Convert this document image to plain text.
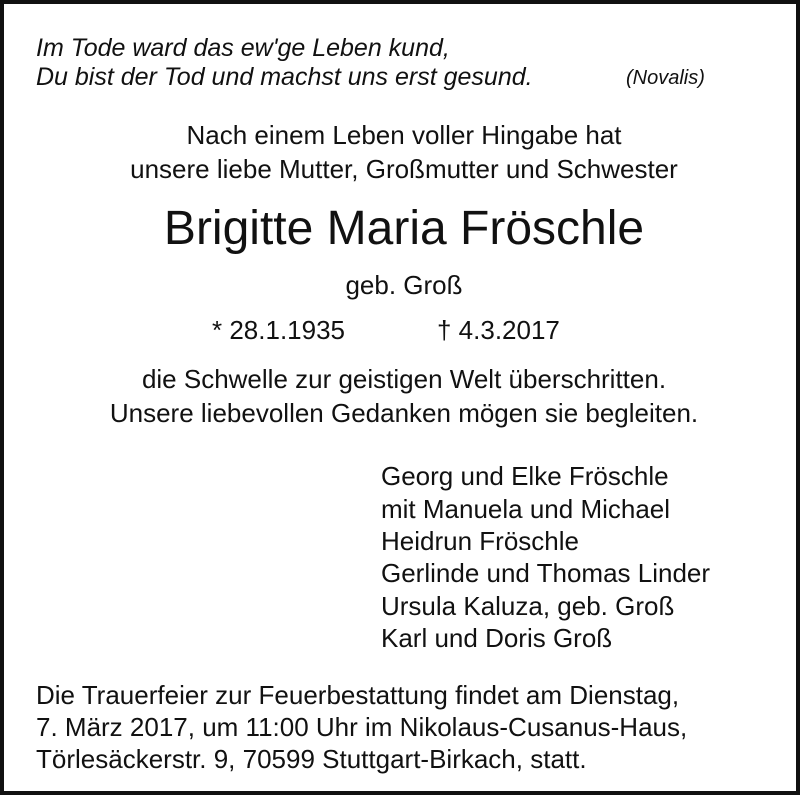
Im Tode ward das ew'ge Leben kund,
Du bist der Tod und machst uns erst gesund.	(Novalis)
Nach einem Leben voller Hingabe hat
unsere liebe Mutter, Großmutter und Schwester
Brigitte Maria Fröschle
geb. Groß
* 28.1.1935	† 4.3.2017
die Schwelle zur geistigen Welt überschritten.
Unsere liebevollen Gedanken mögen sie begleiten.
Georg und Elke Fröschle
mit Manuela und Michael
Heidrun Fröschle
Gerlinde und Thomas Linder
Ursula Kaluza, geb. Groß
Karl und Doris Groß
Die Trauerfeier zur Feuerbestattung findet am Dienstag,
7. März 2017, um 11:00 Uhr im Nikolaus-Cusanus-Haus,
Törlesäckerstr. 9, 70599 Stuttgart-Birkach, statt.
